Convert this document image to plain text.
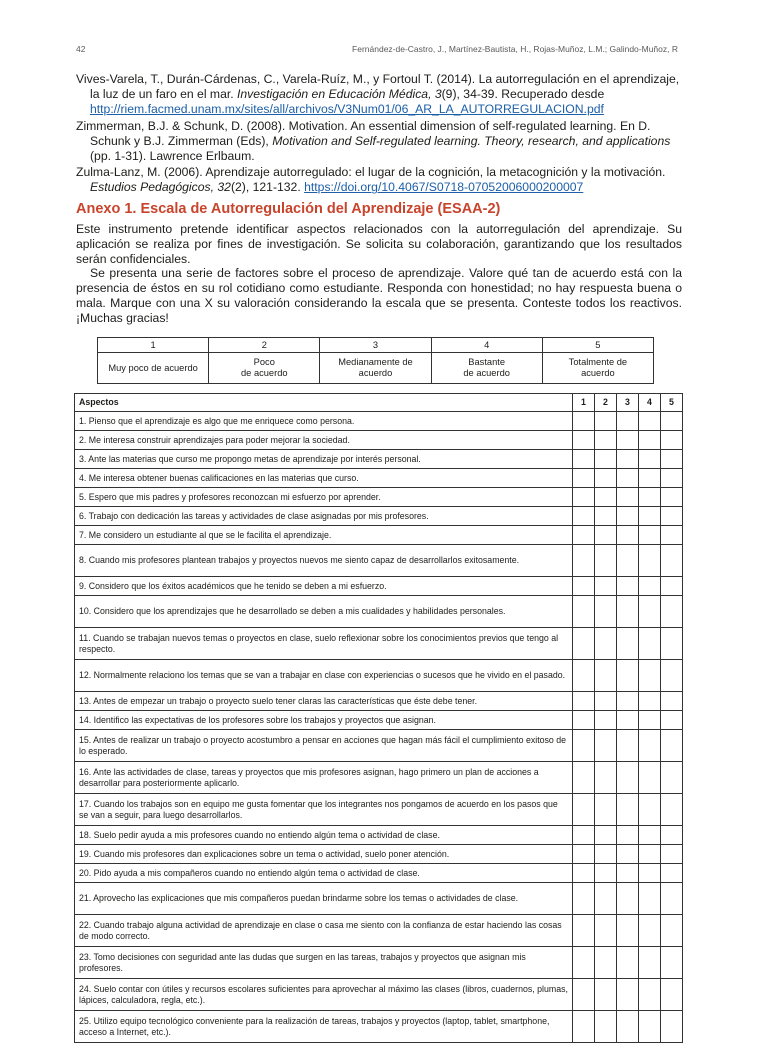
42	Fernández-de-Castro, J., Martínez-Bautista, H., Rojas-Muñoz, L.M.; Galindo-Muñoz, R

Vives-Varela, T., Durán-Cárdenas, C., Varela-Ruíz, M., y Fortoul T. (2014). La autorregulación en el aprendizaje, la luz de un faro en el mar. Investigación en Educación Médica, 3(9), 34-39. Recuperado desde http://riem.facmed.unam.mx/sites/all/archivos/V3Num01/06_AR_LA_AUTORREGULACION.pdf

Zimmerman, B.J. & Schunk, D. (2008). Motivation. An essential dimension of self-regulated learning. En D. Schunk y B.J. Zimmerman (Eds), Motivation and Self-regulated learning. Theory, research, and applications (pp. 1-31). Lawrence Erlbaum.

Zulma-Lanz, M. (2006). Aprendizaje autorregulado: el lugar de la cognición, la metacognición y la motivación. Estudios Pedagógicos, 32(2), 121-132. https://doi.org/10.4067/S0718-07052006000200007

Anexo 1. Escala de Autorregulación del Aprendizaje (ESAA-2)

Este instrumento pretende identificar aspectos relacionados con la autorregulación del aprendizaje. Su aplicación se realiza por fines de investigación. Se solicita su colaboración, garantizando que los resultados serán confidenciales.

Se presenta una serie de factores sobre el proceso de aprendizaje. Valore qué tan de acuerdo está con la presencia de éstos en su rol cotidiano como estudiante. Responda con honestidad; no hay respuesta buena o mala. Marque con una X su valoración considerando la escala que se presenta. Conteste todos los reactivos. ¡Muchas gracias!

1	2	3	4	5
Muy poco de acuerdo	Poco
de acuerdo	Medianamente de
acuerdo	Bastante
de acuerdo	Totalmente de
acuerdo
Aspectos	1	2	3	4	5
1. Pienso que el aprendizaje es algo que me enriquece como persona.					
2. Me interesa construir aprendizajes para poder mejorar la sociedad.					
3. Ante las materias que curso me propongo metas de aprendizaje por interés personal.					
4. Me interesa obtener buenas calificaciones en las materias que curso.					
5. Espero que mis padres y profesores reconozcan mi esfuerzo por aprender.					
6. Trabajo con dedicación las tareas y actividades de clase asignadas por mis profesores.					
7. Me considero un estudiante al que se le facilita el aprendizaje.					
8. Cuando mis profesores plantean trabajos y proyectos nuevos me siento capaz de desarrollarlos exitosamente.					
9. Considero que los éxitos académicos que he tenido se deben a mi esfuerzo.					
10. Considero que los aprendizajes que he desarrollado se deben a mis cualidades y habilidades personales.					
11. Cuando se trabajan nuevos temas o proyectos en clase, suelo reflexionar sobre los conocimientos previos que tengo al respecto.					
12. Normalmente relaciono los temas que se van a trabajar en clase con experiencias o sucesos que he vivido en el pasado.					
13. Antes de empezar un trabajo o proyecto suelo tener claras las características que éste debe tener.					
14. Identifico las expectativas de los profesores sobre los trabajos y proyectos que asignan.					
15. Antes de realizar un trabajo o proyecto acostumbro a pensar en acciones que hagan más fácil el cumplimiento exitoso de lo esperado.					
16. Ante las actividades de clase, tareas y proyectos que mis profesores asignan, hago primero un plan de acciones a desarrollar para posteriormente aplicarlo.					
17. Cuando los trabajos son en equipo me gusta fomentar que los integrantes nos pongamos de acuerdo en los pasos que se van a seguir, para luego desarrollarlos.					
18. Suelo pedir ayuda a mis profesores cuando no entiendo algún tema o actividad de clase.					
19. Cuando mis profesores dan explicaciones sobre un tema o actividad, suelo poner atención.					
20. Pido ayuda a mis compañeros cuando no entiendo algún tema o actividad de clase.					
21. Aprovecho las explicaciones que mis compañeros puedan brindarme sobre los temas o actividades de clase.					
22. Cuando trabajo alguna actividad de aprendizaje en clase o casa me siento con la confianza de estar haciendo las cosas de modo correcto.					
23. Tomo decisiones con seguridad ante las dudas que surgen en las tareas, trabajos y proyectos que asignan mis profesores.					
24. Suelo contar con útiles y recursos escolares suficientes para aprovechar al máximo las clases (libros, cuadernos, plumas, lápices, calculadora, regla, etc.).					
25. Utilizo equipo tecnológico conveniente para la realización de tareas, trabajos y proyectos (laptop, tablet, smartphone, acceso a Internet, etc.).					
